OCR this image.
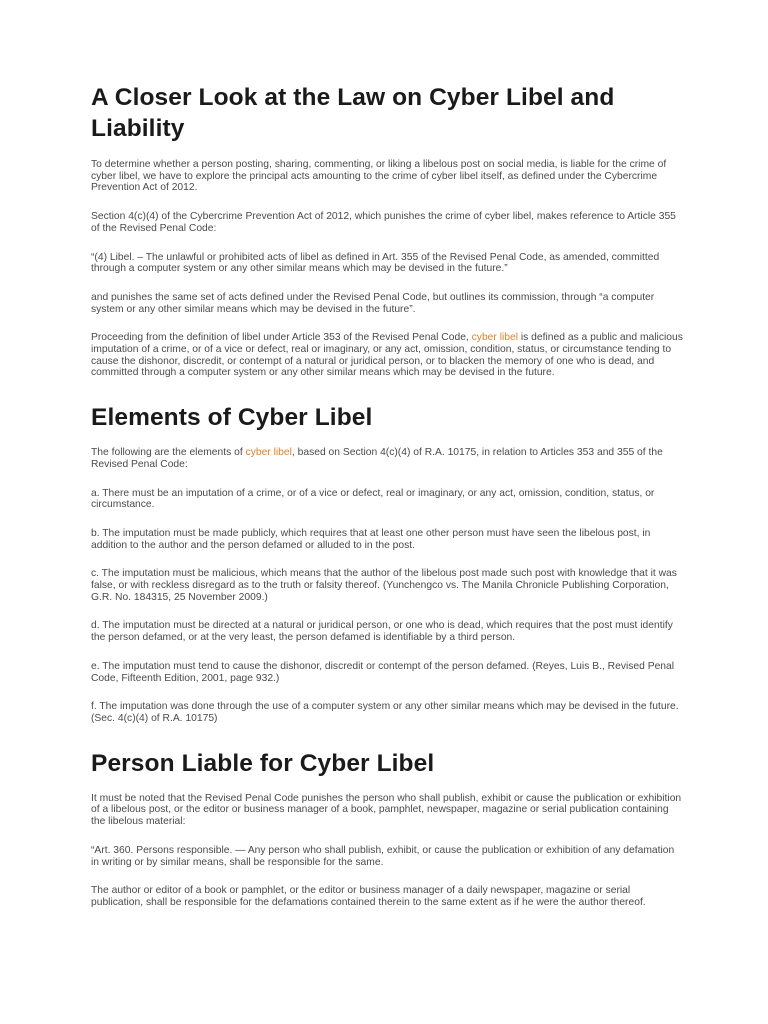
A Closer Look at the Law on Cyber Libel and Liability

To determine whether a person posting, sharing, commenting, or liking a libelous post on social media, is liable for the crime of cyber libel, we have to explore the principal acts amounting to the crime of cyber libel itself, as defined under the Cybercrime Prevention Act of 2012.

Section 4(c)(4) of the Cybercrime Prevention Act of 2012, which punishes the crime of cyber libel, makes reference to Article 355 of the Revised Penal Code:

“(4) Libel. – The unlawful or prohibited acts of libel as defined in Art. 355 of the Revised Penal Code, as amended, committed through a computer system or any other similar means which may be devised in the future.”

and punishes the same set of acts defined under the Revised Penal Code, but outlines its commission, through “a computer system or any other similar means which may be devised in the future”.

Proceeding from the definition of libel under Article 353 of the Revised Penal Code, cyber libel is defined as a public and malicious imputation of a crime, or of a vice or defect, real or imaginary, or any act, omission, condition, status, or circumstance tending to cause the dishonor, discredit, or contempt of a natural or juridical person, or to blacken the memory of one who is dead, and committed through a computer system or any other similar means which may be devised in the future.

Elements of Cyber Libel

The following are the elements of cyber libel, based on Section 4(c)(4) of R.A. 10175, in relation to Articles 353 and 355 of the Revised Penal Code:

a. There must be an imputation of a crime, or of a vice or defect, real or imaginary, or any act, omission, condition, status, or circumstance.

b. The imputation must be made publicly, which requires that at least one other person must have seen the libelous post, in addition to the author and the person defamed or alluded to in the post.

c. The imputation must be malicious, which means that the author of the libelous post made such post with knowledge that it was false, or with reckless disregard as to the truth or falsity thereof. (Yunchengco vs. The Manila Chronicle Publishing Corporation, G.R. No. 184315, 25 November 2009.)

d. The imputation must be directed at a natural or juridical person, or one who is dead, which requires that the post must identify the person defamed, or at the very least, the person defamed is identifiable by a third person.

e. The imputation must tend to cause the dishonor, discredit or contempt of the person defamed. (Reyes, Luis B., Revised Penal Code, Fifteenth Edition, 2001, page 932.)

f. The imputation was done through the use of a computer system or any other similar means which may be devised in the future. (Sec. 4(c)(4) of R.A. 10175)

Person Liable for Cyber Libel

It must be noted that the Revised Penal Code punishes the person who shall publish, exhibit or cause the publication or exhibition of a libelous post, or the editor or business manager of a book, pamphlet, newspaper, magazine or serial publication containing the libelous material:

“Art. 360. Persons responsible. — Any person who shall publish, exhibit, or cause the publication or exhibition of any defamation in writing or by similar means, shall be responsible for the same.

The author or editor of a book or pamphlet, or the editor or business manager of a daily newspaper, magazine or serial publication, shall be responsible for the defamations contained therein to the same extent as if he were the author thereof.
